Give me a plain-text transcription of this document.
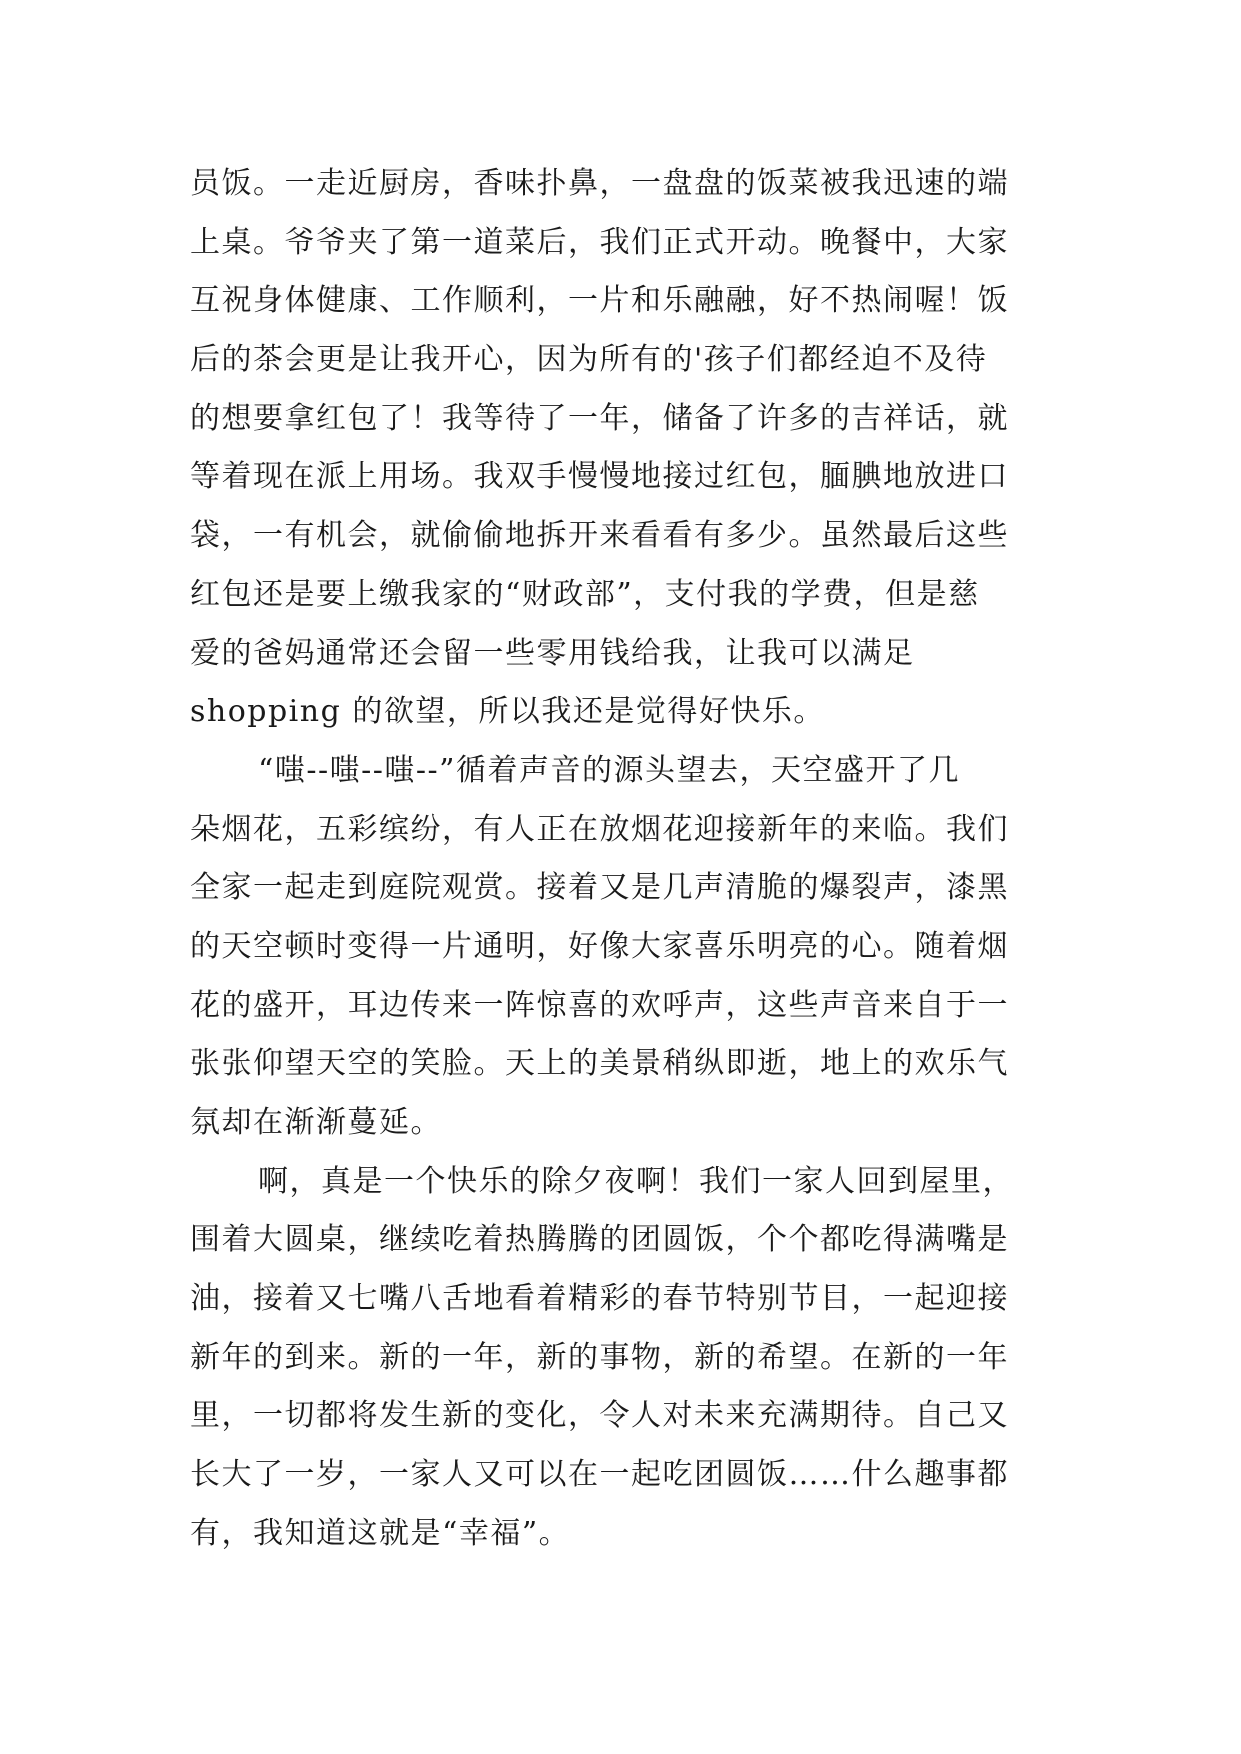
员饭。一走近厨房，香味扑鼻，一盘盘的饭菜被我迅速的端
上桌。爷爷夹了第一道菜后，我们正式开动。晚餐中，大家
互祝身体健康、工作顺利，一片和乐融融，好不热闹喔！饭
后的茶会更是让我开心，因为所有的'孩子们都经迫不及待
的想要拿红包了！我等待了一年，储备了许多的吉祥话，就
等着现在派上用场。我双手慢慢地接过红包，腼腆地放进口
袋，一有机会，就偷偷地拆开来看看有多少。虽然最后这些
红包还是要上缴我家的“财政部”，支付我的学费，但是慈
爱的爸妈通常还会留一些零用钱给我，让我可以满足
shopping 的欲望，所以我还是觉得好快乐。
“嗤--嗤--嗤--”循着声音的源头望去，天空盛开了几
朵烟花，五彩缤纷，有人正在放烟花迎接新年的来临。我们
全家一起走到庭院观赏。接着又是几声清脆的爆裂声，漆黑
的天空顿时变得一片通明，好像大家喜乐明亮的心。随着烟
花的盛开，耳边传来一阵惊喜的欢呼声，这些声音来自于一
张张仰望天空的笑脸。天上的美景稍纵即逝，地上的欢乐气
氛却在渐渐蔓延。
啊，真是一个快乐的除夕夜啊！我们一家人回到屋里，
围着大圆桌，继续吃着热腾腾的团圆饭，个个都吃得满嘴是
油，接着又七嘴八舌地看着精彩的春节特别节目，一起迎接
新年的到来。新的一年，新的事物，新的希望。在新的一年
里，一切都将发生新的变化，令人对未来充满期待。自己又
长大了一岁，一家人又可以在一起吃团圆饭……什么趣事都
有，我知道这就是“幸福”。
